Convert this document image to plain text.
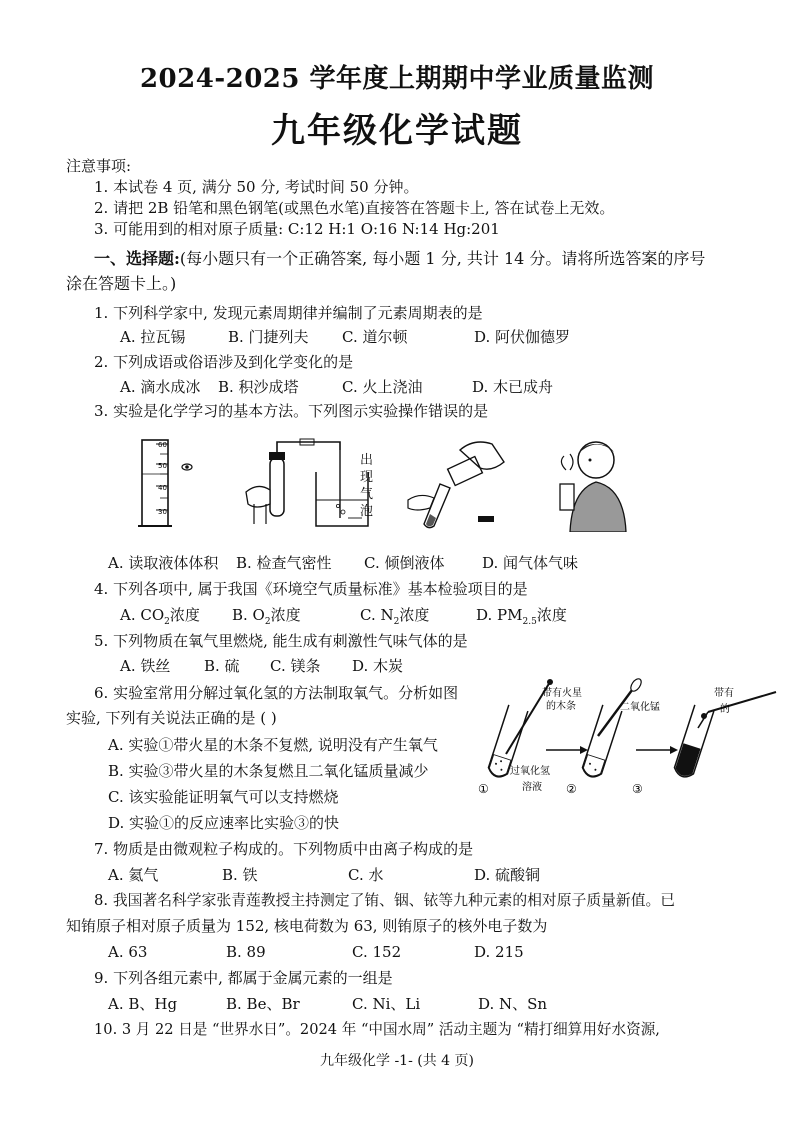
2024-2025 学年度上期期中学业质量监测
九年级化学试题
注意事项:
1. 本试卷 4 页, 满分 50 分, 考试时间 50 分钟。
2. 请把 2B 铅笔和黑色钢笔(或黑色水笔)直接答在答题卡上, 答在试卷上无效。
3. 可能用到的相对原子质量: C:12 H:1 O:16 N:14 Hg:201
一、选择题:(每小题只有一个正确答案, 每小题 1 分, 共计 14 分。请将所选答案的序号
涂在答题卡上。)
1. 下列科学家中, 发现元素周期律并编制了元素周期表的是
A. 拉瓦锡	B. 门捷列夫 C. 道尔顿	D. 阿伏伽德罗
2. 下列成语或俗语涉及到化学变化的是
A. 滴水成冰 B. 积沙成塔	C. 火上浇油	D. 木已成舟
3. 实验是化学学习的基本方法。下列图示实验操作错误的是
60
50
40
30
出
现
气
泡
A. 读取液体体积 B. 检查气密性 C. 倾倒液体	D. 闻气体气味
4. 下列各项中, 属于我国《环境空气质量标准》基本检验项目的是
A. $CO_2$浓度 B. $O_2$浓度	C. $N_2$浓度	D. $PM_{2.5}$浓度
5. 下列物质在氧气里燃烧, 能生成有刺激性气味气体的是
A. 铁丝 B. 硫 C. 镁条 D. 木炭
6. 实验室常用分解过氧化氢的方法制取氧气。分析如图
实验, 下列有关说法正确的是 ( )
A. 实验①带火星的木条不复燃, 说明没有产生氧气
B. 实验③带火星的木条复燃且二氧化锰质量减少
C. 该实验能证明氧气可以支持燃烧
D. 实验①的反应速率比实验③的快
带有火星
的木条	二氧化锰
带有
的
过氧化氢
溶液
①	②	③
7. 物质是由微观粒子构成的。下列物质中由离子构成的是
A. 氦气	B. 铁	C. 水	D. 硫酸铜
8. 我国著名科学家张青莲教授主持测定了铕、铟、铱等九种元素的相对原子质量新值。已
知铕原子相对原子质量为 152, 核电荷数为 63, 则铕原子的核外电子数为
A. 63	B. 89	C. 152	D. 215
9. 下列各组元素中, 都属于金属元素的一组是
A. B、Hg	B. Be、Br	C. Ni、Li	D. N、Sn
10. 3 月 22 日是 “世界水日”。2024 年 “中国水周” 活动主题为 “精打细算用好水资源,
九年级化学 -1- (共 4 页)
